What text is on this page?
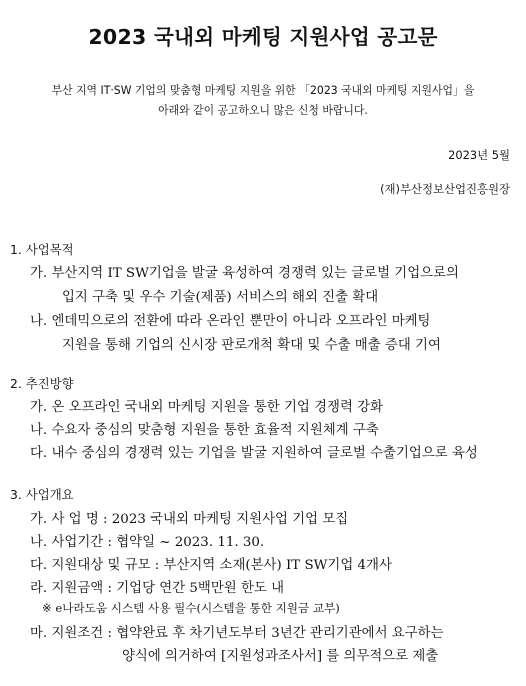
2023 국내외 마케팅 지원사업 공고문
부산 지역 IT·SW 기업의 맞춤형 마케팅 지원을 위한 「2023 국내외 마케팅 지원사업」을
아래와 같이 공고하오니 많은 신청 바랍니다.
2023년 5월
(재)부산정보산업진흥원장
1. 사업목적
가. 부산지역 IT SW기업을 발굴 육성하여 경쟁력 있는 글로벌 기업으로의
입지 구축 및 우수 기술(제품) 서비스의 해외 진출 확대
나. 엔데믹으로의 전환에 따라 온라인 뿐만이 아니라 오프라인 마케팅
지원을 통해 기업의 신시장 판로개척 확대 및 수출 매출 증대 기여
2. 추진방향
가. 온 오프라인 국내외 마케팅 지원을 통한 기업 경쟁력 강화
나. 수요자 중심의 맞춤형 지원을 통한 효율적 지원체계 구축
다. 내수 중심의 경쟁력 있는 기업을 발굴 지원하여 글로벌 수출기업으로 육성
3. 사업개요
가. 사 업 명 : 2023 국내외 마케팅 지원사업 기업 모집
나. 사업기간 : 협약일 ~ 2023. 11. 30.
다. 지원대상 및 규모 : 부산지역 소재(본사) IT SW기업 4개사
라. 지원금액 : 기업당 연간 5백만원 한도 내
※ e나라도움 시스템 사용 필수(시스템을 통한 지원금 교부)
마. 지원조건 : 협약완료 후 차기년도부터 3년간 관리기관에서 요구하는
양식에 의거하여 [지원성과조사서] 를 의무적으로 제출
